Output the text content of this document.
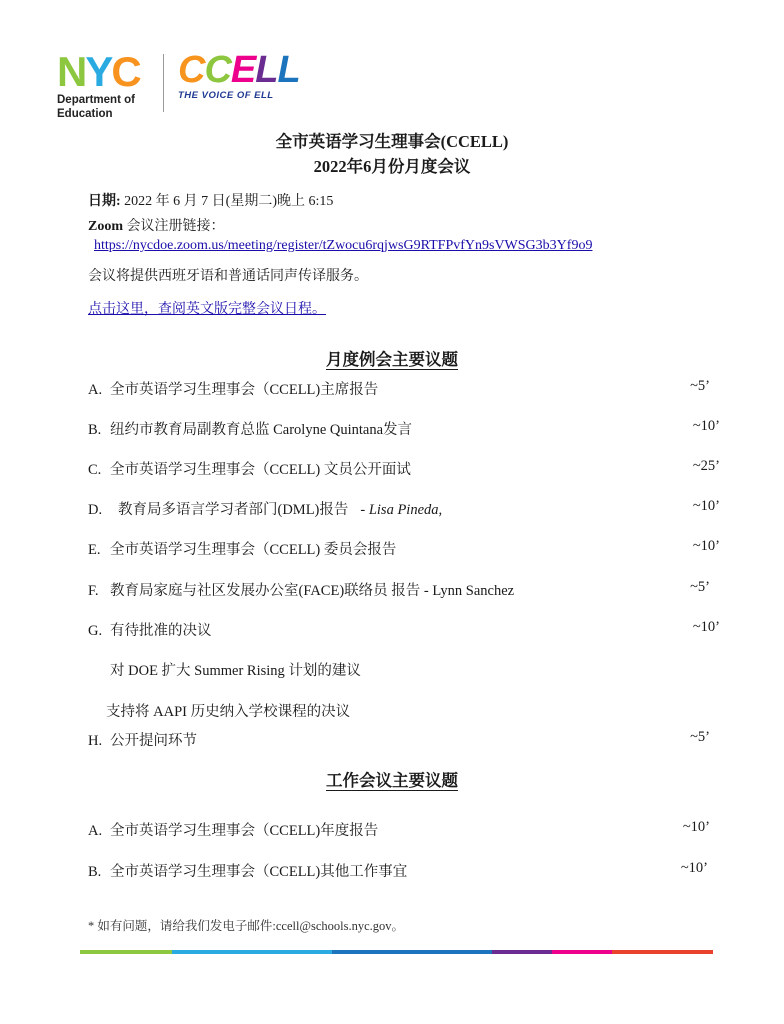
N Y C
Department of
Education
C C E L L
THE VOICE OF ELL
全市英语学习生理事会(CCELL)
2022年6月份月度会议
日期: 2022 年 6 月 7 日(星期二)晚上 6:15
Zoom 会议注册链接：
https://nycdoe.zoom.us/meeting/register/tZwocu6rqjwsG9RTFPvfYn9sVWSG3b3Yf9o9
会议将提供西班牙语和普通话同声传译服务。
点击这里，查阅英文版完整会议日程。
月度例会主要议题
A. 全市英语学习生理事会（CCELL)主席报告	~5’
B. 纽约市教育局副教育总监 Carolyne Quintana发言	~10’
C. 全市英语学习生理事会（CCELL) 文员公开面试	~25’
D. 教育局多语言学习者部门(DML)报告 - Lisa Pineda,	~10’
E. 全市英语学习生理事会（CCELL) 委员会报告	~10’
F. 教育局家庭与社区发展办公室(FACE)联络员 报告 - Lynn Sanchez	~5’
G. 有待批准的决议	~10’
对 DOE 扩大 Summer Rising 计划的建议
支持将 AAPI 历史纳入学校课程的决议
H. 公开提问环节	~5’
工作会议主要议题
A. 全市英语学习生理事会（CCELL)年度报告	~10’
B. 全市英语学习生理事会（CCELL)其他工作事宜	~10’
* 如有问题，请给我们发电子邮件:ccell@schools.nyc.gov。
